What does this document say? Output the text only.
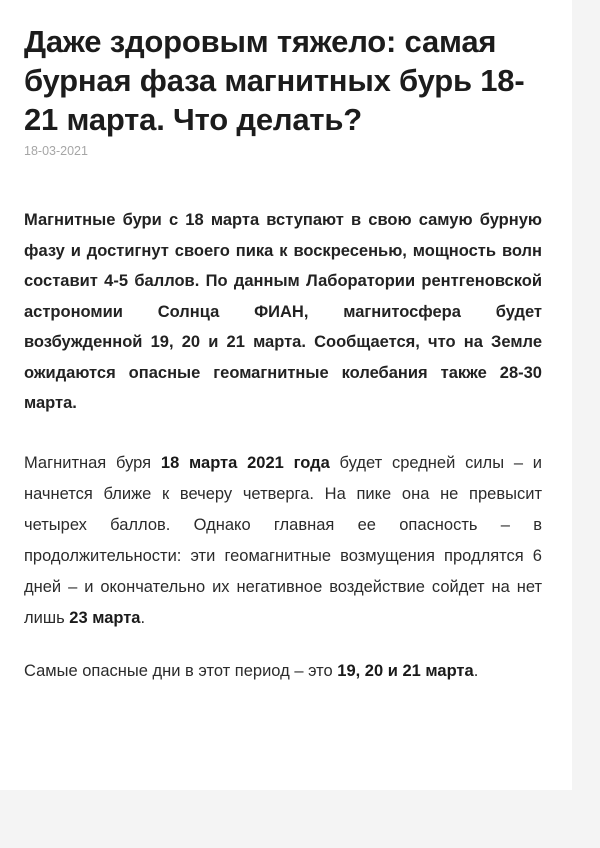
Даже здоровым тяжело: самая бурная фаза магнитных бурь 18-21 марта. Что делать?
18-03-2021

Магнитные бури с 18 марта вступают в свою самую бурную фазу и достигнут своего пика к воскресенью, мощность волн составит 4-5 баллов. По данным Лаборатории рентгеновской астрономии Солнца ФИАН, магнитосфера будет возбужденной 19, 20 и 21 марта. Сообщается, что на Земле ожидаются опасные геомагнитные колебания также 28-30 марта.

Магнитная буря 18 марта 2021 года будет средней силы – и начнется ближе к вечеру четверга. На пике она не превысит четырех баллов. Однако главная ее опасность – в продолжительности: эти геомагнитные возмущения продлятся 6 дней – и окончательно их негативное воздействие сойдет на нет лишь 23 марта.

Самые опасные дни в этот период – это 19, 20 и 21 марта.
